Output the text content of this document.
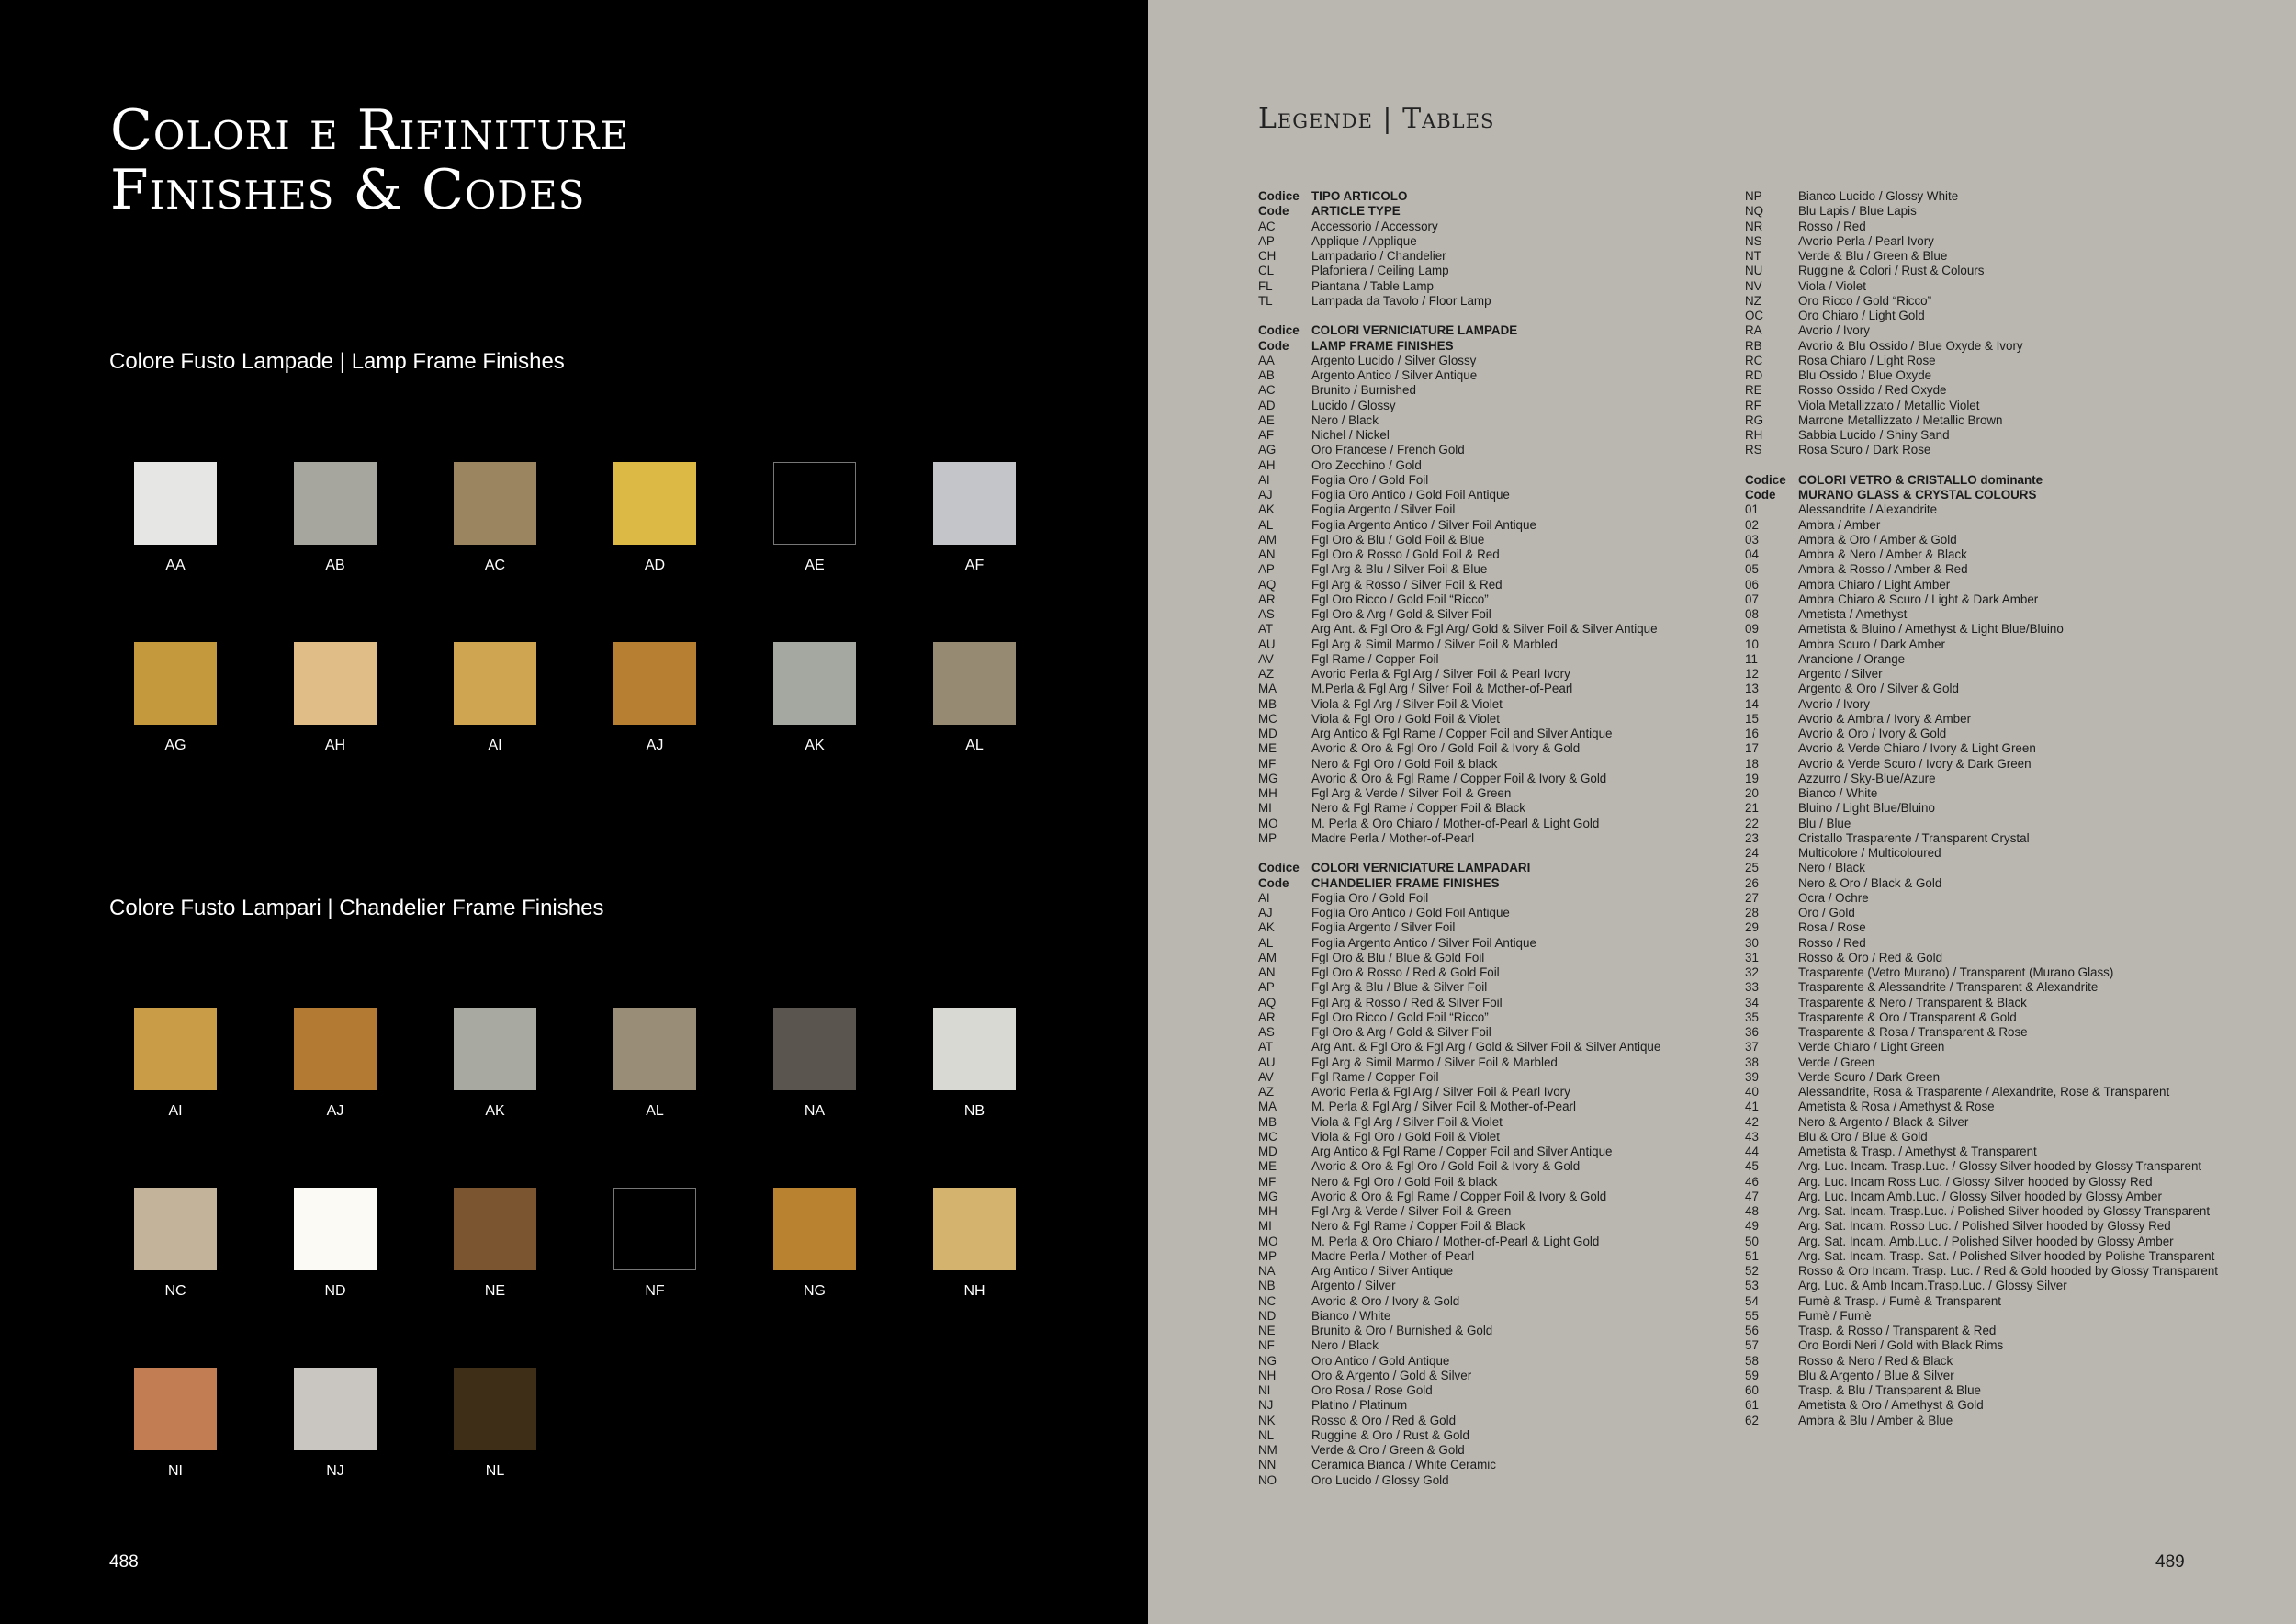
Colori e Rifiniture
Finishes & Codes
Colore Fusto Lampade | Lamp Frame Finishes
AA	AB	AC	AD	AE	AF
AG	AH	AI	AJ	AK	AL
Colore Fusto Lampari | Chandelier Frame Finishes
AI	AJ	AK	AL	NA	NB
NC	ND	NE	NF	NG	NH
NI	NJ	NL
488
Legende | Tables
Codice TIPO ARTICOLO
Code	ARTICLE TYPE
AC	Accessorio / Accessory
AP	Applique / Applique
CH	Lampadario / Chandelier
CL	Plafoniera / Ceiling Lamp
FL	Piantana / Table Lamp
TL	Lampada da Tavolo / Floor Lamp
Codice COLORI VERNICIATURE LAMPADE
Code	LAMP FRAME FINISHES
AA	Argento Lucido / Silver Glossy
AB	Argento Antico / Silver Antique
AC	Brunito / Burnished
AD	Lucido / Glossy
AE	Nero / Black
AF	Nichel / Nickel
AG	Oro Francese / French Gold
AH	Oro Zecchino / Gold
AI	Foglia Oro / Gold Foil
AJ	Foglia Oro Antico / Gold Foil Antique
AK	Foglia Argento / Silver Foil
AL	Foglia Argento Antico / Silver Foil Antique
AM	Fgl Oro & Blu / Gold Foil & Blue
AN	Fgl Oro & Rosso / Gold Foil & Red
AP	Fgl Arg & Blu / Silver Foil & Blue
AQ	Fgl Arg & Rosso / Silver Foil & Red
AR	Fgl Oro Ricco / Gold Foil “Ricco”
AS	Fgl Oro & Arg / Gold & Silver Foil
AT	Arg Ant. & Fgl Oro & Fgl Arg/ Gold & Silver Foil & Silver Antique
AU	Fgl Arg & Simil Marmo / Silver Foil & Marbled
AV	Fgl Rame / Copper Foil
AZ	Avorio Perla & Fgl Arg / Silver Foil & Pearl Ivory
MA	M.Perla & Fgl Arg / Silver Foil & Mother-of-Pearl
MB	Viola & Fgl Arg / Silver Foil & Violet
MC	Viola & Fgl Oro / Gold Foil & Violet
MD	Arg Antico & Fgl Rame / Copper Foil and Silver Antique
ME	Avorio & Oro & Fgl Oro / Gold Foil & Ivory & Gold
MF	Nero & Fgl Oro / Gold Foil & black
MG	Avorio & Oro & Fgl Rame / Copper Foil & Ivory & Gold
MH	Fgl Arg & Verde / Silver Foil & Green
MI	Nero & Fgl Rame / Copper Foil & Black
MO	M. Perla & Oro Chiaro / Mother-of-Pearl & Light Gold
MP	Madre Perla / Mother-of-Pearl
Codice COLORI VERNICIATURE LAMPADARI
Code	CHANDELIER FRAME FINISHES
AI	Foglia Oro / Gold Foil
AJ	Foglia Oro Antico / Gold Foil Antique
AK	Foglia Argento / Silver Foil
AL	Foglia Argento Antico / Silver Foil Antique
AM	Fgl Oro & Blu / Blue & Gold Foil
AN	Fgl Oro & Rosso / Red & Gold Foil
AP	Fgl Arg & Blu / Blue & Silver Foil
AQ	Fgl Arg & Rosso / Red & Silver Foil
AR	Fgl Oro Ricco / Gold Foil “Ricco”
AS	Fgl Oro & Arg / Gold & Silver Foil
AT	Arg Ant. & Fgl Oro & Fgl Arg / Gold & Silver Foil & Silver Antique
AU	Fgl Arg & Simil Marmo / Silver Foil & Marbled
AV	Fgl Rame / Copper Foil
AZ	Avorio Perla & Fgl Arg / Silver Foil & Pearl Ivory
MA	M. Perla & Fgl Arg / Silver Foil & Mother-of-Pearl
MB	Viola & Fgl Arg / Silver Foil & Violet
MC	Viola & Fgl Oro / Gold Foil & Violet
MD	Arg Antico & Fgl Rame / Copper Foil and Silver Antique
ME	Avorio & Oro & Fgl Oro / Gold Foil & Ivory & Gold
MF	Nero & Fgl Oro / Gold Foil & black
MG	Avorio & Oro & Fgl Rame / Copper Foil & Ivory & Gold
MH	Fgl Arg & Verde / Silver Foil & Green
MI	Nero & Fgl Rame / Copper Foil & Black
MO	M. Perla & Oro Chiaro / Mother-of-Pearl & Light Gold
MP	Madre Perla / Mother-of-Pearl
NA	Arg Antico / Silver Antique
NB	Argento / Silver
NC	Avorio & Oro / Ivory & Gold
ND	Bianco / White
NE	Brunito & Oro / Burnished & Gold
NF	Nero / Black
NG	Oro Antico / Gold Antique
NH	Oro & Argento / Gold & Silver
NI	Oro Rosa / Rose Gold
NJ	Platino / Platinum
NK	Rosso & Oro / Red & Gold
NL	Ruggine & Oro / Rust & Gold
NM	Verde & Oro / Green & Gold
NN	Ceramica Bianca / White Ceramic
NO	Oro Lucido / Glossy Gold
NP	Bianco Lucido / Glossy White
NQ	Blu Lapis / Blue Lapis
NR	Rosso / Red
NS	Avorio Perla / Pearl Ivory
NT	Verde & Blu / Green & Blue
NU	Ruggine & Colori / Rust & Colours
NV	Viola / Violet
NZ	Oro Ricco / Gold “Ricco”
OC	Oro Chiaro / Light Gold
RA	Avorio / Ivory
RB	Avorio & Blu Ossido / Blue Oxyde & Ivory
RC	Rosa Chiaro / Light Rose
RD	Blu Ossido / Blue Oxyde
RE	Rosso Ossido / Red Oxyde
RF	Viola Metallizzato / Metallic Violet
RG	Marrone Metallizzato / Metallic Brown
RH	Sabbia Lucido / Shiny Sand
RS	Rosa Scuro / Dark Rose
Codice COLORI VETRO & CRISTALLO dominante
Code	MURANO GLASS & CRYSTAL COLOURS
01	Alessandrite / Alexandrite
02	Ambra / Amber
03	Ambra & Oro / Amber & Gold
04	Ambra & Nero / Amber & Black
05	Ambra & Rosso / Amber & Red
06	Ambra Chiaro / Light Amber
07	Ambra Chiaro & Scuro / Light & Dark Amber
08	Ametista / Amethyst
09	Ametista & Bluino / Amethyst & Light Blue/Bluino
10	Ambra Scuro / Dark Amber
11	Arancione / Orange
12	Argento / Silver
13	Argento & Oro / Silver & Gold
14	Avorio / Ivory
15	Avorio & Ambra / Ivory & Amber
16	Avorio & Oro / Ivory & Gold
17	Avorio & Verde Chiaro / Ivory & Light Green
18	Avorio & Verde Scuro / Ivory & Dark Green
19	Azzurro / Sky-Blue/Azure
20	Bianco / White
21	Bluino / Light Blue/Bluino
22	Blu / Blue
23	Cristallo Trasparente / Transparent Crystal
24	Multicolore / Multicoloured
25	Nero / Black
26	Nero & Oro / Black & Gold
27	Ocra / Ochre
28	Oro / Gold
29	Rosa / Rose
30	Rosso / Red
31	Rosso & Oro / Red & Gold
32	Trasparente (Vetro Murano) / Transparent (Murano Glass)
33	Trasparente & Alessandrite / Transparent & Alexandrite
34	Trasparente & Nero / Transparent & Black
35	Trasparente & Oro / Transparent & Gold
36	Trasparente & Rosa / Transparent & Rose
37	Verde Chiaro / Light Green
38	Verde / Green
39	Verde Scuro / Dark Green
40	Alessandrite, Rosa & Trasparente / Alexandrite, Rose & Transparent
41	Ametista & Rosa / Amethyst & Rose
42	Nero & Argento / Black & Silver
43	Blu & Oro / Blue & Gold
44	Ametista & Trasp. / Amethyst & Transparent
45	Arg. Luc. Incam. Trasp.Luc. / Glossy Silver hooded by Glossy Transparent
46	Arg. Luc. Incam Ross Luc. / Glossy Silver hooded by Glossy Red
47	Arg. Luc. Incam Amb.Luc. / Glossy Silver hooded by Glossy Amber
48	Arg. Sat. Incam. Trasp.Luc. / Polished Silver hooded by Glossy Transparent
49	Arg. Sat. Incam. Rosso Luc. / Polished Silver hooded by Glossy Red
50	Arg. Sat. Incam. Amb.Luc. / Polished Silver hooded by Glossy Amber
51	Arg. Sat. Incam. Trasp. Sat. / Polished Silver hooded by Polishe Transparent
52	Rosso & Oro Incam. Trasp. Luc. / Red & Gold hooded by Glossy Transparent
53	Arg. Luc. & Amb Incam.Trasp.Luc. / Glossy Silver
54	Fumè & Trasp. / Fumè & Transparent
55	Fumè / Fumè
56	Trasp. & Rosso / Transparent & Red
57	Oro Bordi Neri / Gold with Black Rims
58	Rosso & Nero / Red & Black
59	Blu & Argento / Blue & Silver
60	Trasp. & Blu / Transparent & Blue
61	Ametista & Oro / Amethyst & Gold
62	Ambra & Blu / Amber & Blue
489
